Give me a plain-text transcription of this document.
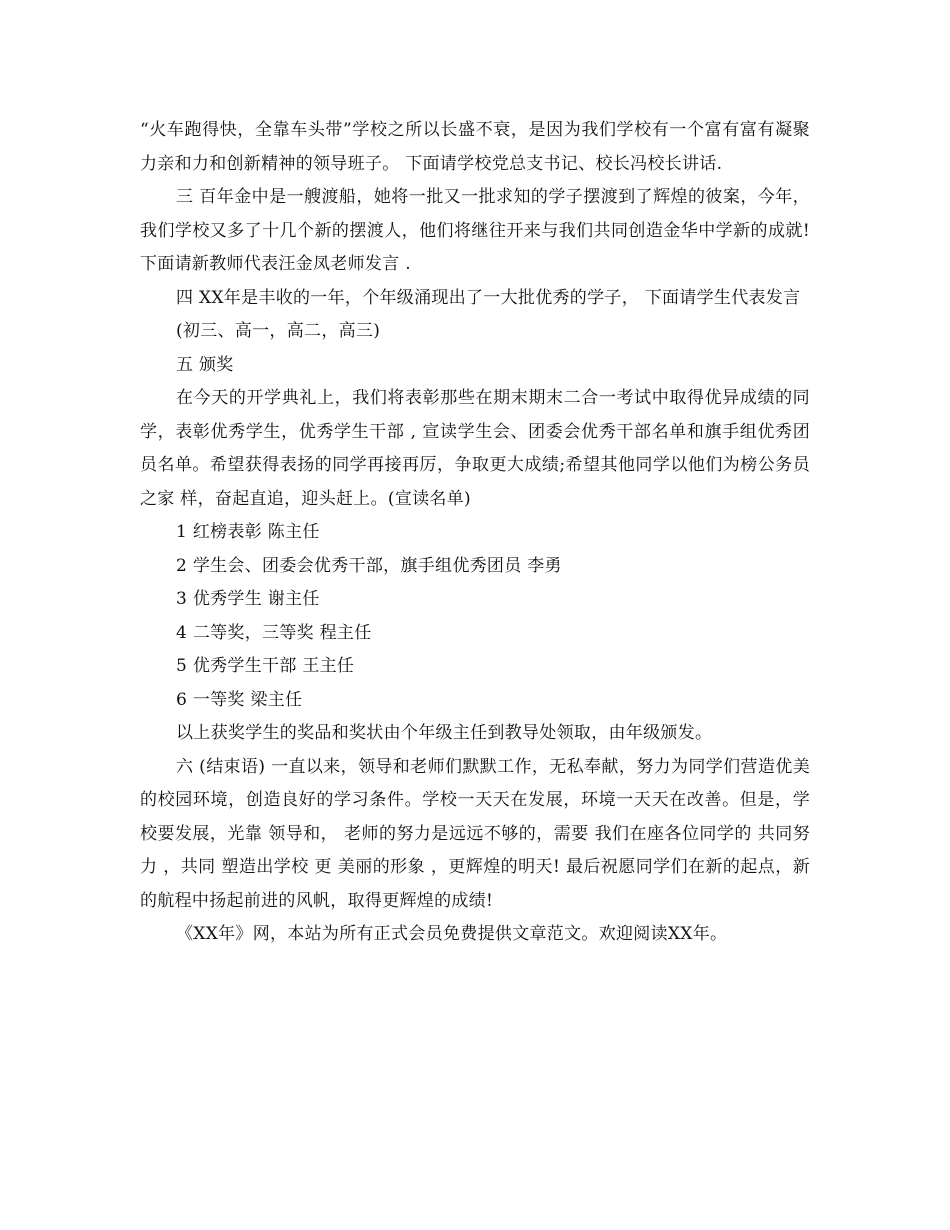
“火车跑得快，全靠车头带”学校之所以长盛不衰，是因为我们学校有一个富有富有凝聚力亲和力和创新精神的领导班子。 下面请学校党总支书记、校长冯校长讲话.

三 百年金中是一艘渡船，她将一批又一批求知的学子摆渡到了辉煌的彼案，今年，我们学校又多了十几个新的摆渡人，他们将继往开来与我们共同创造金华中学新的成就! 下面请新教师代表汪金凤老师发言 .

四 XX年是丰收的一年，个年级涌现出了一大批优秀的学子， 下面请学生代表发言

(初三、高一，高二，高三)

五 颁奖

在今天的开学典礼上，我们将表彰那些在期末期末二合一考试中取得优异成绩的同学，表彰优秀学生，优秀学生干部 , 宣读学生会、团委会优秀干部名单和旗手组优秀团员名单。希望获得表扬的同学再接再厉，争取更大成绩;希望其他同学以他们为榜公务员之家 样，奋起直追，迎头赶上。(宣读名单)

1 红榜表彰 陈主任

2 学生会、团委会优秀干部，旗手组优秀团员 李勇

3 优秀学生 谢主任

4 二等奖，三等奖 程主任

5 优秀学生干部 王主任

6 一等奖 梁主任

以上获奖学生的奖品和奖状由个年级主任到教导处领取，由年级颁发。

六 (结束语) 一直以来，领导和老师们默默工作，无私奉献，努力为同学们营造优美的校园环境，创造良好的学习条件。学校一天天在发展，环境一天天在改善。但是，学校要发展，光靠 领导和， 老师的努力是远远不够的，需要 我们在座各位同学的 共同努力 ，共同 塑造出学校 更 美丽的形象 ，更辉煌的明天! 最后祝愿同学们在新的起点，新的航程中扬起前进的风帆，取得更辉煌的成绩!

《XX年》网，本站为所有正式会员免费提供文章范文。欢迎阅读XX年。
